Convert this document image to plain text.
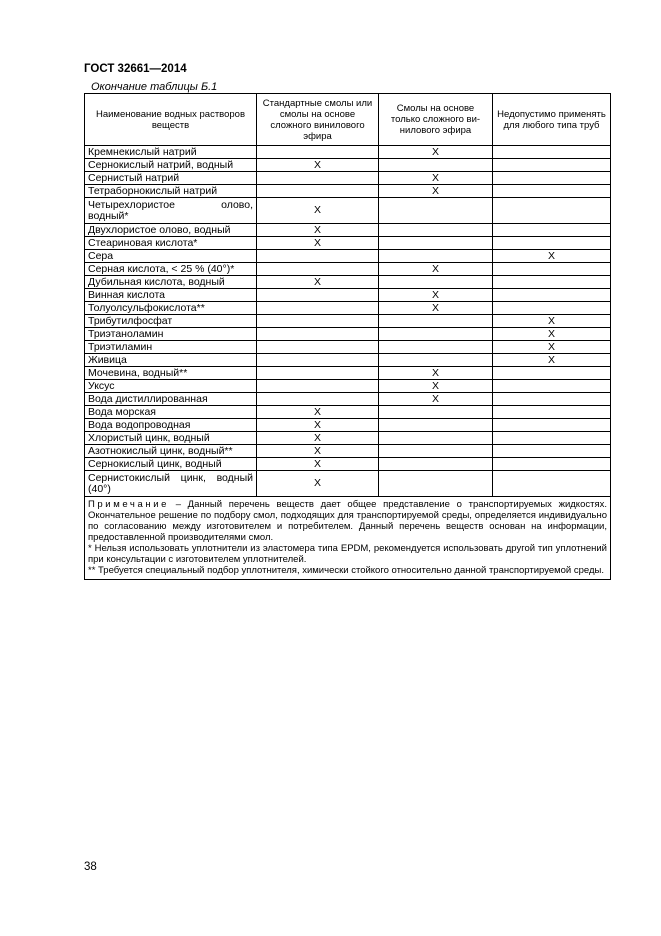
ГОСТ 32661—2014
Окончание таблицы Б.1
Наименование водных растворов веществ	Стандартные смолы или смолы на основе сложного винилового эфира	Смолы на основе только сложного винилового эфира	Недопустимо применять для любого типа труб
Кремнекислый натрий		X	
Сернокислый натрий, водный	X		
Сернистый натрий		X	
Тетраборнокислый натрий		X	

Четырехлористое олово,
водный*	X		
Двухлористое олово, водный	X		
Стеариновая кислота*	X		
Сера			X
Серная кислота, < 25 % (40°)*		X	
Дубильная кислота, водный	X		
Винная кислота		X	
Толуолсульфокислота**		X	
Трибутилфосфат			X
Триэтаноламин			X
Триэтиламин			X
Живица			X
Мочевина, водный**		X	
Уксус		X	
Вода дистиллированная		X	
Вода морская	X		
Вода водопроводная	X		
Хлористый цинк, водный	X		
Азотнокислый цинк, водный**	X		
Сернокислый цинк, водный	X		

Сернистокислый цинк, водный
(40°)	X		

Примечание – Данный перечень веществ дает общее представление о транспортируемых жидкостях. Окончательное решение по подбору смол, подходящих для транспортируемой среды, определяется индивидуально по согласованию между изготовителем и потребителем. Данный перечень веществ основан на информации, предоставленной производителями смол.

* Нельзя использовать уплотнители из эластомера типа EPDM, рекомендуется использовать другой тип уплотнений при консультации с изготовителем уплотнителей.

** Требуется специальный подбор уплотнителя, химически стойкого относительно данной транспортируемой среды.			

38
